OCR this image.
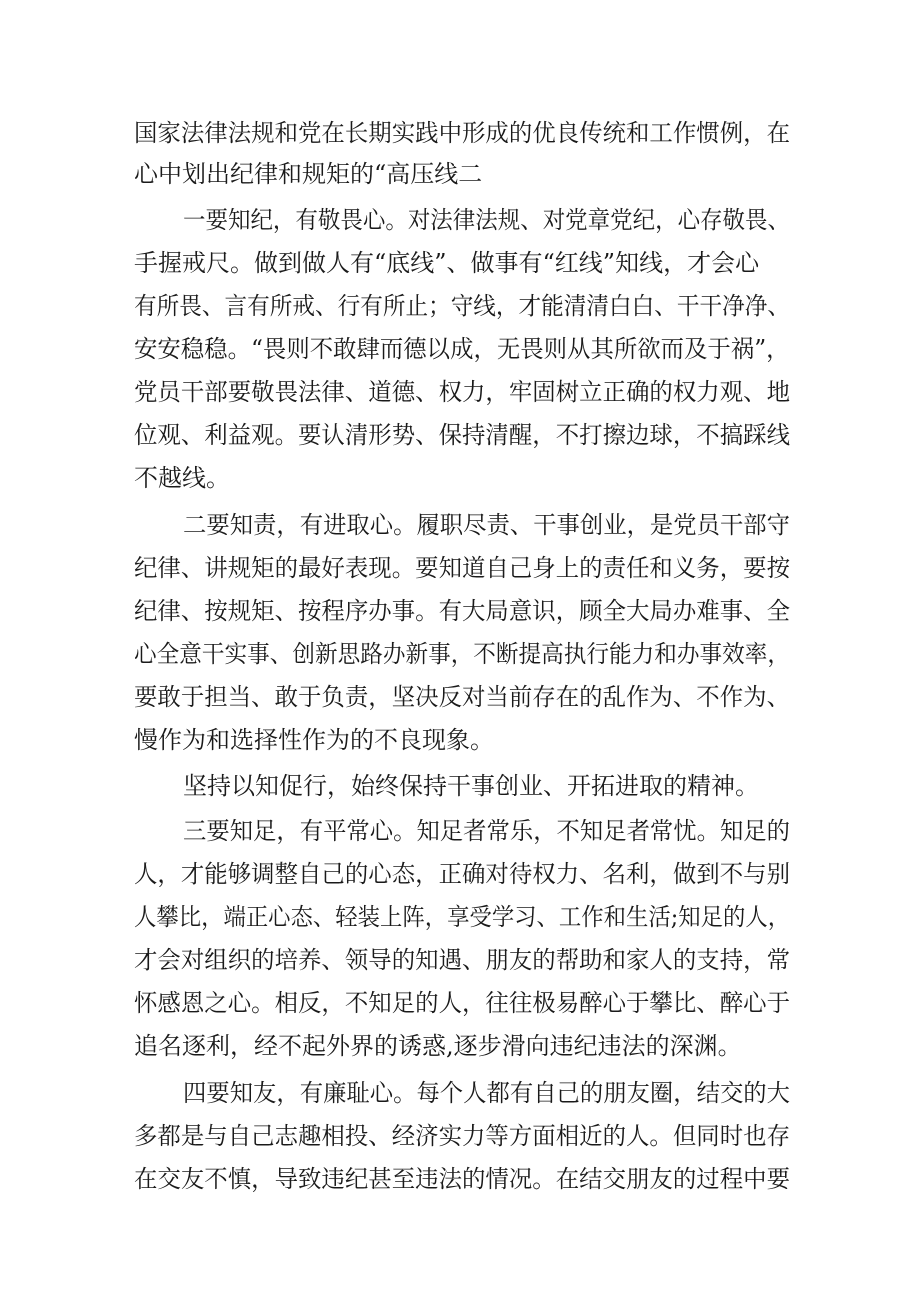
国家法律法规和党在长期实践中形成的优良传统和工作惯例，在
心中划出纪律和规矩的“高压线二
一要知纪，有敬畏心。对法律法规、对党章党纪，心存敬畏、
手握戒尺。做到做人有“底线”、做事有“红线”知线，才会心
有所畏、言有所戒、行有所止；守线，才能清清白白、干干净净、
安安稳稳。“畏则不敢肆而德以成，无畏则从其所欲而及于祸”，
党员干部要敬畏法律、道德、权力，牢固树立正确的权力观、地
位观、利益观。要认清形势、保持清醒，不打擦边球，不搞踩线
不越线。
二要知责，有进取心。履职尽责、干事创业，是党员干部守
纪律、讲规矩的最好表现。要知道自己身上的责任和义务，要按
纪律、按规矩、按程序办事。有大局意识，顾全大局办难事、全
心全意干实事、创新思路办新事，不断提高执行能力和办事效率，
要敢于担当、敢于负责，坚决反对当前存在的乱作为、不作为、
慢作为和选择性作为的不良现象。
坚持以知促行，始终保持干事创业、开拓进取的精神。
三要知足，有平常心。知足者常乐，不知足者常忧。知足的
人，才能够调整自己的心态，正确对待权力、名利，做到不与别
人攀比，端正心态、轻装上阵，享受学习、工作和生活;知足的人，
才会对组织的培养、领导的知遇、朋友的帮助和家人的支持，常
怀感恩之心。相反，不知足的人，往往极易醉心于攀比、醉心于
追名逐利，经不起外界的诱惑,逐步滑向违纪违法的深渊。
四要知友，有廉耻心。每个人都有自己的朋友圈，结交的大
多都是与自己志趣相投、经济实力等方面相近的人。但同时也存
在交友不慎，导致违纪甚至违法的情况。在结交朋友的过程中要
